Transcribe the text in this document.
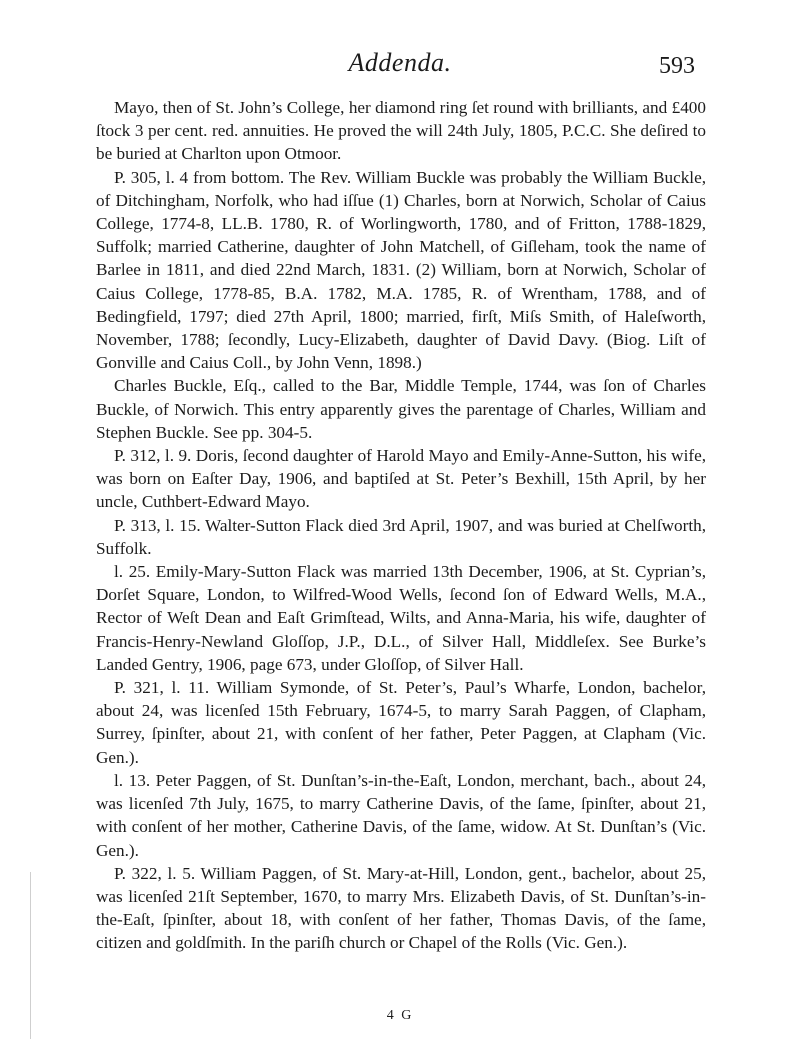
Addenda.	593

Mayo, then of St. John’s College, her diamond ring ſet round with brilliants, and £400 ſtock 3 per cent. red. annuities. He proved the will 24th July, 1805, P.C.C. She deſired to be buried at Charlton upon Otmoor.

P. 305, l. 4 from bottom. The Rev. William Buckle was probably the William Buckle, of Ditchingham, Norfolk, who had iſſue (1) Charles, born at Norwich, Scholar of Caius College, 1774-8, LL.B. 1780, R. of Worlingworth, 1780, and of Fritton, 1788-1829, Suffolk; married Catherine, daughter of John Matchell, of Giſleham, took the name of Barlee in 1811, and died 22nd March, 1831. (2) William, born at Norwich, Scholar of Caius College, 1778-85, B.A. 1782, M.A. 1785, R. of Wrentham, 1788, and of Bedingfield, 1797; died 27th April, 1800; married, firſt, Miſs Smith, of Haleſworth, November, 1788; ſecondly, Lucy-Elizabeth, daughter of David Davy. (Biog. Liſt of Gonville and Caius Coll., by John Venn, 1898.)

Charles Buckle, Eſq., called to the Bar, Middle Temple, 1744, was ſon of Charles Buckle, of Norwich. This entry apparently gives the parentage of Charles, William and Stephen Buckle. See pp. 304-5.

P. 312, l. 9. Doris, ſecond daughter of Harold Mayo and Emily-Anne-Sutton, his wife, was born on Eaſter Day, 1906, and baptiſed at St. Peter’s Bexhill, 15th April, by her uncle, Cuthbert-Edward Mayo.

P. 313, l. 15. Walter-Sutton Flack died 3rd April, 1907, and was buried at Chelſworth, Suffolk.

l. 25. Emily-Mary-Sutton Flack was married 13th December, 1906, at St. Cyprian’s, Dorſet Square, London, to Wilfred-Wood Wells, ſecond ſon of Edward Wells, M.A., Rector of Weſt Dean and Eaſt Grimſtead, Wilts, and Anna-Maria, his wife, daughter of Francis-Henry-Newland Gloſſop, J.P., D.L., of Silver Hall, Middleſex. See Burke’s Landed Gentry, 1906, page 673, under Gloſſop, of Silver Hall.

P. 321, l. 11. William Symonde, of St. Peter’s, Paul’s Wharfe, London, bachelor, about 24, was licenſed 15th February, 1674-5, to marry Sarah Paggen, of Clapham, Surrey, ſpinſter, about 21, with conſent of her father, Peter Paggen, at Clapham (Vic. Gen.).

l. 13. Peter Paggen, of St. Dunſtan’s-in-the-Eaſt, London, merchant, bach., about 24, was licenſed 7th July, 1675, to marry Catherine Davis, of the ſame, ſpinſter, about 21, with conſent of her mother, Catherine Davis, of the ſame, widow. At St. Dunſtan’s (Vic. Gen.).

P. 322, l. 5. William Paggen, of St. Mary-at-Hill, London, gent., bachelor, about 25, was licenſed 21ſt September, 1670, to marry Mrs. Elizabeth Davis, of St. Dunſtan’s-in-the-Eaſt, ſpinſter, about 18, with conſent of her father, Thomas Davis, of the ſame, citizen and goldſmith. In the pariſh church or Chapel of the Rolls (Vic. Gen.).

4 G
